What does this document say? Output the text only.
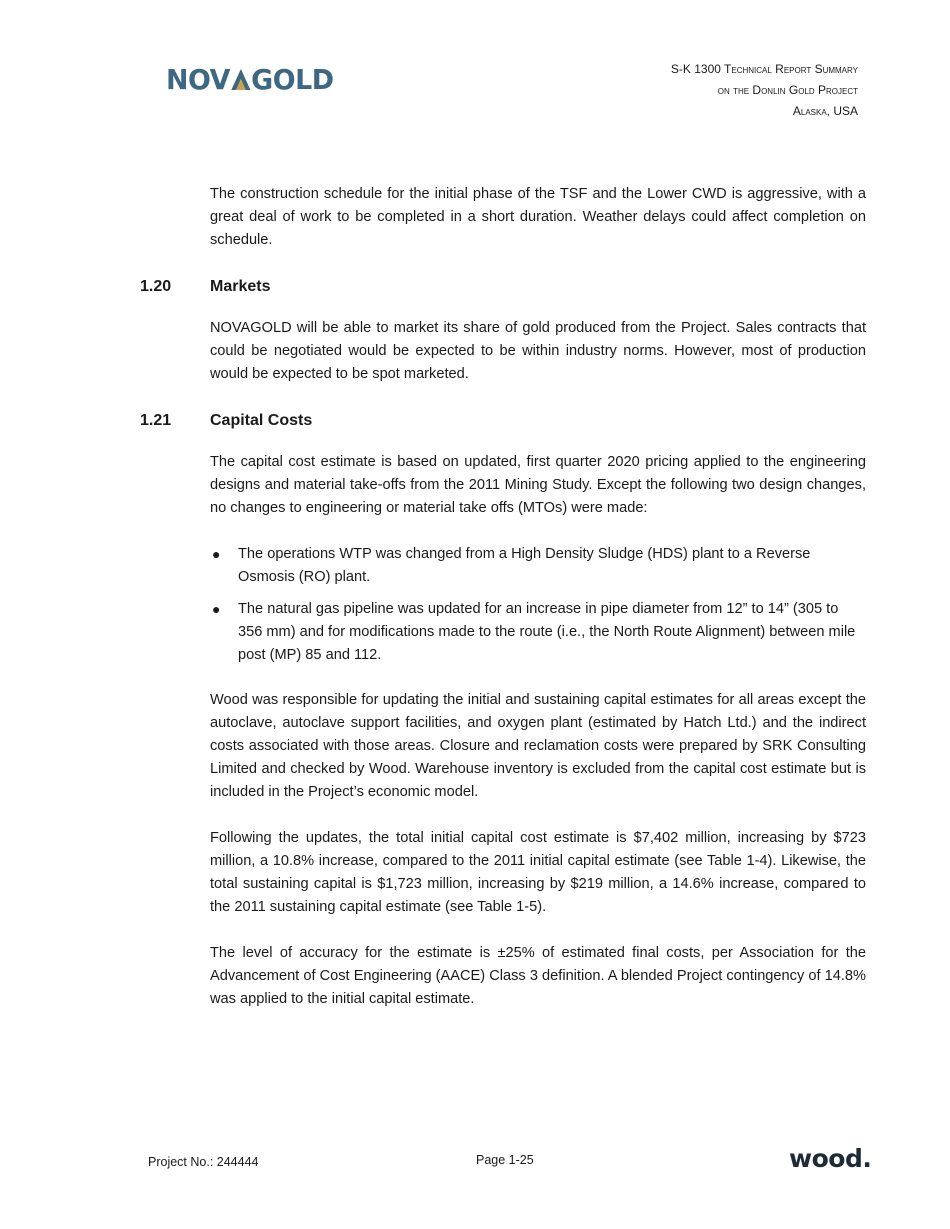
NOV GOLD	S-K 1300 Technical Report Summary
on the Donlin Gold Project
Alaska, USA

The construction schedule for the initial phase of the TSF and the Lower CWD is aggressive, with a great deal of work to be completed in a short duration. Weather delays could affect completion on schedule.

1.20 Markets

NOVAGOLD will be able to market its share of gold produced from the Project. Sales contracts that could be negotiated would be expected to be within industry norms. However, most of production would be expected to be spot marketed.

1.21 Capital Costs

The capital cost estimate is based on updated, first quarter 2020 pricing applied to the engineering designs and material take-offs from the 2011 Mining Study. Except the following two design changes, no changes to engineering or material take offs (MTOs) were made:

● The operations WTP was changed from a High Density Sludge (HDS) plant to a Reverse Osmosis (RO) plant.
● The natural gas pipeline was updated for an increase in pipe diameter from 12” to 14” (305 to 356 mm) and for modifications made to the route (i.e., the North Route Alignment) between mile post (MP) 85 and 112.

Wood was responsible for updating the initial and sustaining capital estimates for all areas except the autoclave, autoclave support facilities, and oxygen plant (estimated by Hatch Ltd.) and the indirect costs associated with those areas. Closure and reclamation costs were prepared by SRK Consulting Limited and checked by Wood. Warehouse inventory is excluded from the capital cost estimate but is included in the Project’s economic model.

Following the updates, the total initial capital cost estimate is $7,402 million, increasing by $723 million, a 10.8% increase, compared to the 2011 initial capital estimate (see Table 1-4). Likewise, the total sustaining capital is $1,723 million, increasing by $219 million, a 14.6% increase, compared to the 2011 sustaining capital estimate (see Table 1-5).

The level of accuracy for the estimate is ±25% of estimated final costs, per Association for the Advancement of Cost Engineering (AACE) Class 3 definition. A blended Project contingency of 14.8% was applied to the initial capital estimate.

Project No.: 244444	Page 1-25	wood.
